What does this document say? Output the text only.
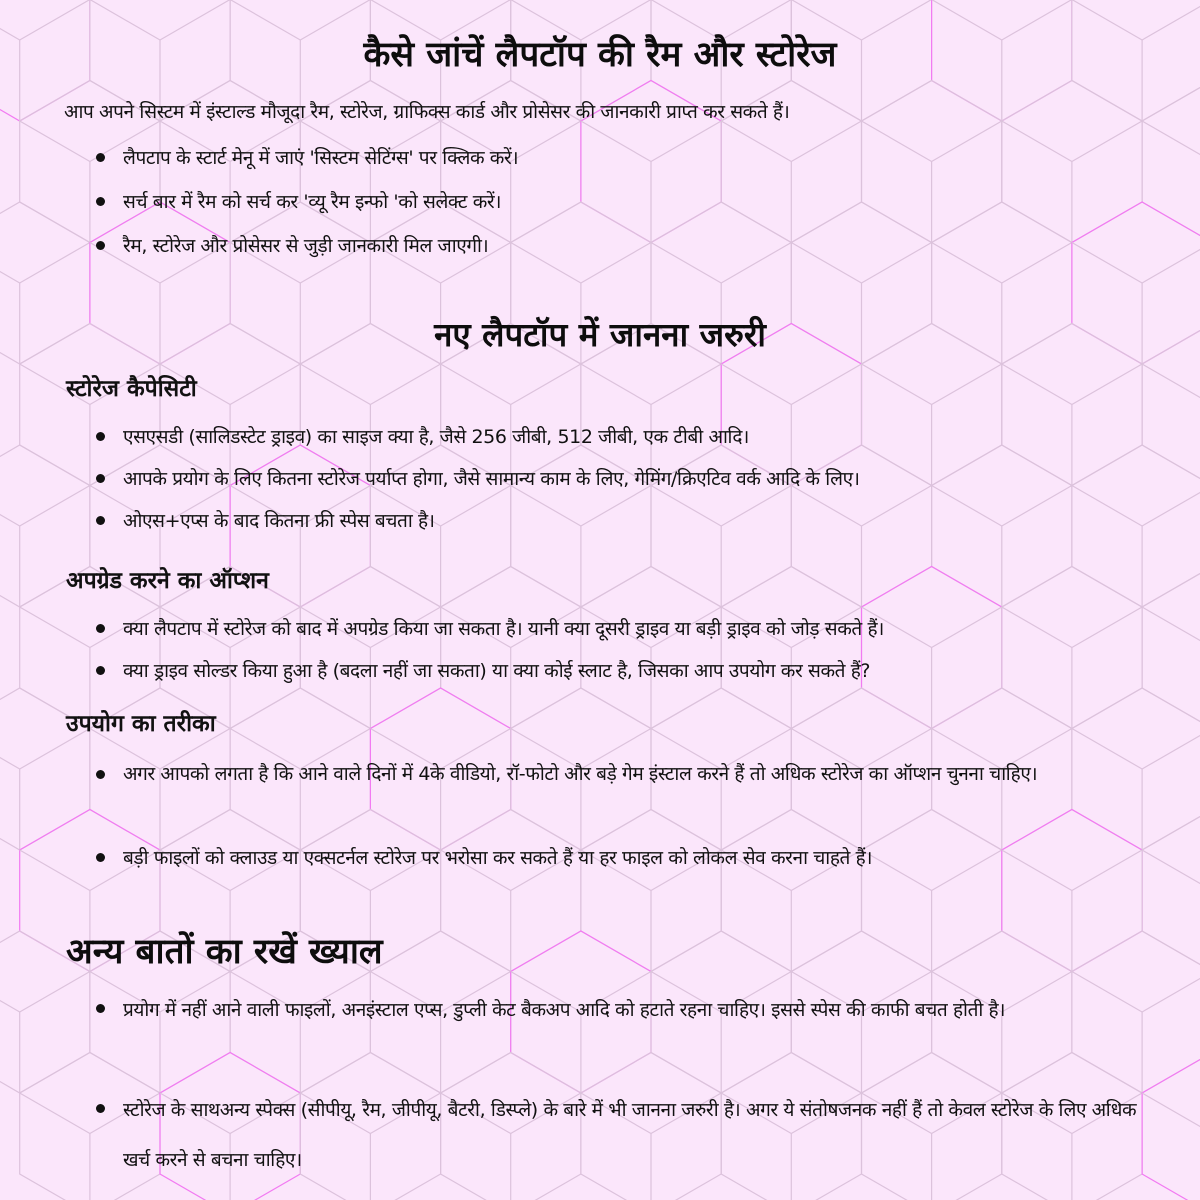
कैसे जांचें लैपटॉप की रैम और स्टोरेज

आप अपने सिस्टम में इंस्टाल्ड मौजूदा रैम, स्टोरेज, ग्राफिक्स कार्ड और प्रोसेसर की जानकारी प्राप्त कर सकते हैं।

लैपटाप के स्टार्ट मेनू में जाएं 'सिस्टम सेटिंग्स' पर क्लिक करें।
सर्च बार में रैम को सर्च कर 'व्यू रैम इन्फो 'को सलेक्ट करें।
रैम, स्टोरेज और प्रोसेसर से जुड़ी जानकारी मिल जाएगी।
नए लैपटॉप में जानना जरुरी
स्टोरेज कैपेसिटी
एसएसडी (सालिडस्टेट ड्राइव) का साइज क्या है, जैसे 256 जीबी, 512 जीबी, एक टीबी आदि।
आपके प्रयोग के लिए कितना स्टोरेज पर्याप्त होगा, जैसे सामान्य काम के लिए, गेमिंग/क्रिएटिव वर्क आदि के लिए।
ओएस+एप्स के बाद कितना फ्री स्पेस बचता है।
अपग्रेड करने का ऑप्शन
क्या लैपटाप में स्टोरेज को बाद में अपग्रेड किया जा सकता है। यानी क्या दूसरी ड्राइव या बड़ी ड्राइव को जोड़ सकते हैं।
क्या ड्राइव सोल्डर किया हुआ है (बदला नहीं जा सकता) या क्या कोई स्लाट है, जिसका आप उपयोग कर सकते हैं?
उपयोग का तरीका
अगर आपको लगता है कि आने वाले दिनों में 4के वीडियो, रॉ-फोटो और बड़े गेम इंस्टाल करने हैं तो अधिक स्टोरेज का ऑप्शन चुनना चाहिए।
बड़ी फाइलों को क्लाउड या एक्सटर्नल स्टोरेज पर भरोसा कर सकते हैं या हर फाइल को लोकल सेव करना चाहते हैं।
अन्य बातों का रखें ख्याल
प्रयोग में नहीं आने वाली फाइलों, अनइंस्टाल एप्स, डुप्ली केट बैकअप आदि को हटाते रहना चाहिए। इससे स्पेस की काफी बचत होती है।
स्टोरेज के साथअन्य स्पेक्स (सीपीयू, रैम, जीपीयू, बैटरी, डिस्प्ले) के बारे में भी जानना जरुरी है। अगर ये संतोषजनक नहीं हैं तो केवल स्टोरेज के लिए अधिक खर्च करने से बचना चाहिए।
